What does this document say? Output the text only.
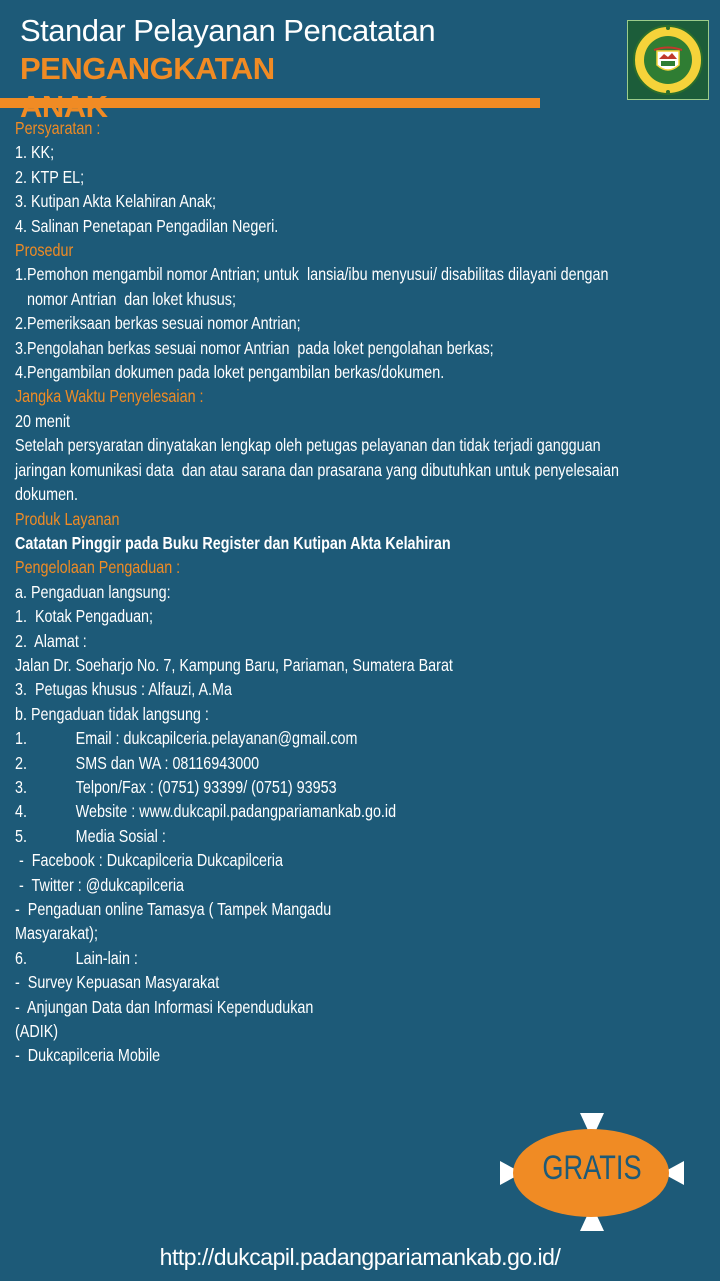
Standar Pelayanan Pencatatan PENGANGKATAN

Persyaratan :

1. KK;

2. KTP EL;

3. Kutipan Akta Kelahiran Anak;

4. Salinan Penetapan Pengadilan Negeri.

Prosedur

1.Pemohon mengambil nomor Antrian; untuk  lansia/ibu menyusui/ disabilitas dilayani dengan

nomor Antrian  dan loket khusus;

2.Pemeriksaan berkas sesuai nomor Antrian;

3.Pengolahan berkas sesuai nomor Antrian  pada loket pengolahan berkas;

4.Pengambilan dokumen pada loket pengambilan berkas/dokumen.

Jangka Waktu Penyelesaian :

20 menit

Setelah persyaratan dinyatakan lengkap oleh petugas pelayanan dan tidak terjadi gangguan

jaringan komunikasi data  dan atau sarana dan prasarana yang dibutuhkan untuk penyelesaian

dokumen.

Produk Layanan

Catatan Pinggir pada Buku Register dan Kutipan Akta Kelahiran

Pengelolaan Pengaduan :

a. Pengaduan langsung:

1.  Kotak Pengaduan;

2.  Alamat :

Jalan Dr. Soeharjo No. 7, Kampung Baru, Pariaman, Sumatera Barat

3.  Petugas khusus : Alfauzi, A.Ma

b. Pengaduan tidak langsung :

1.	Email : dukcapilceria.pelayanan@gmail.com

2.	SMS dan WA : 08116943000

3.	Telpon/Fax : (0751) 93399/ (0751) 93953

4.	Website : www.dukcapil.padangpariamankab.go.id

5.	Media Sosial :

-  Facebook : Dukcapilceria Dukcapilceria

-  Twitter : @dukcapilceria

-  Pengaduan online Tamasya ( Tampek Mangadu

Masyarakat);

6.	Lain-lain :

-  Survey Kepuasan Masyarakat

-  Anjungan Data dan Informasi Kependudukan

(ADIK)

-  Dukcapilceria Mobile

GRATIS
http://dukcapil.padangpariamankab.go.id/
